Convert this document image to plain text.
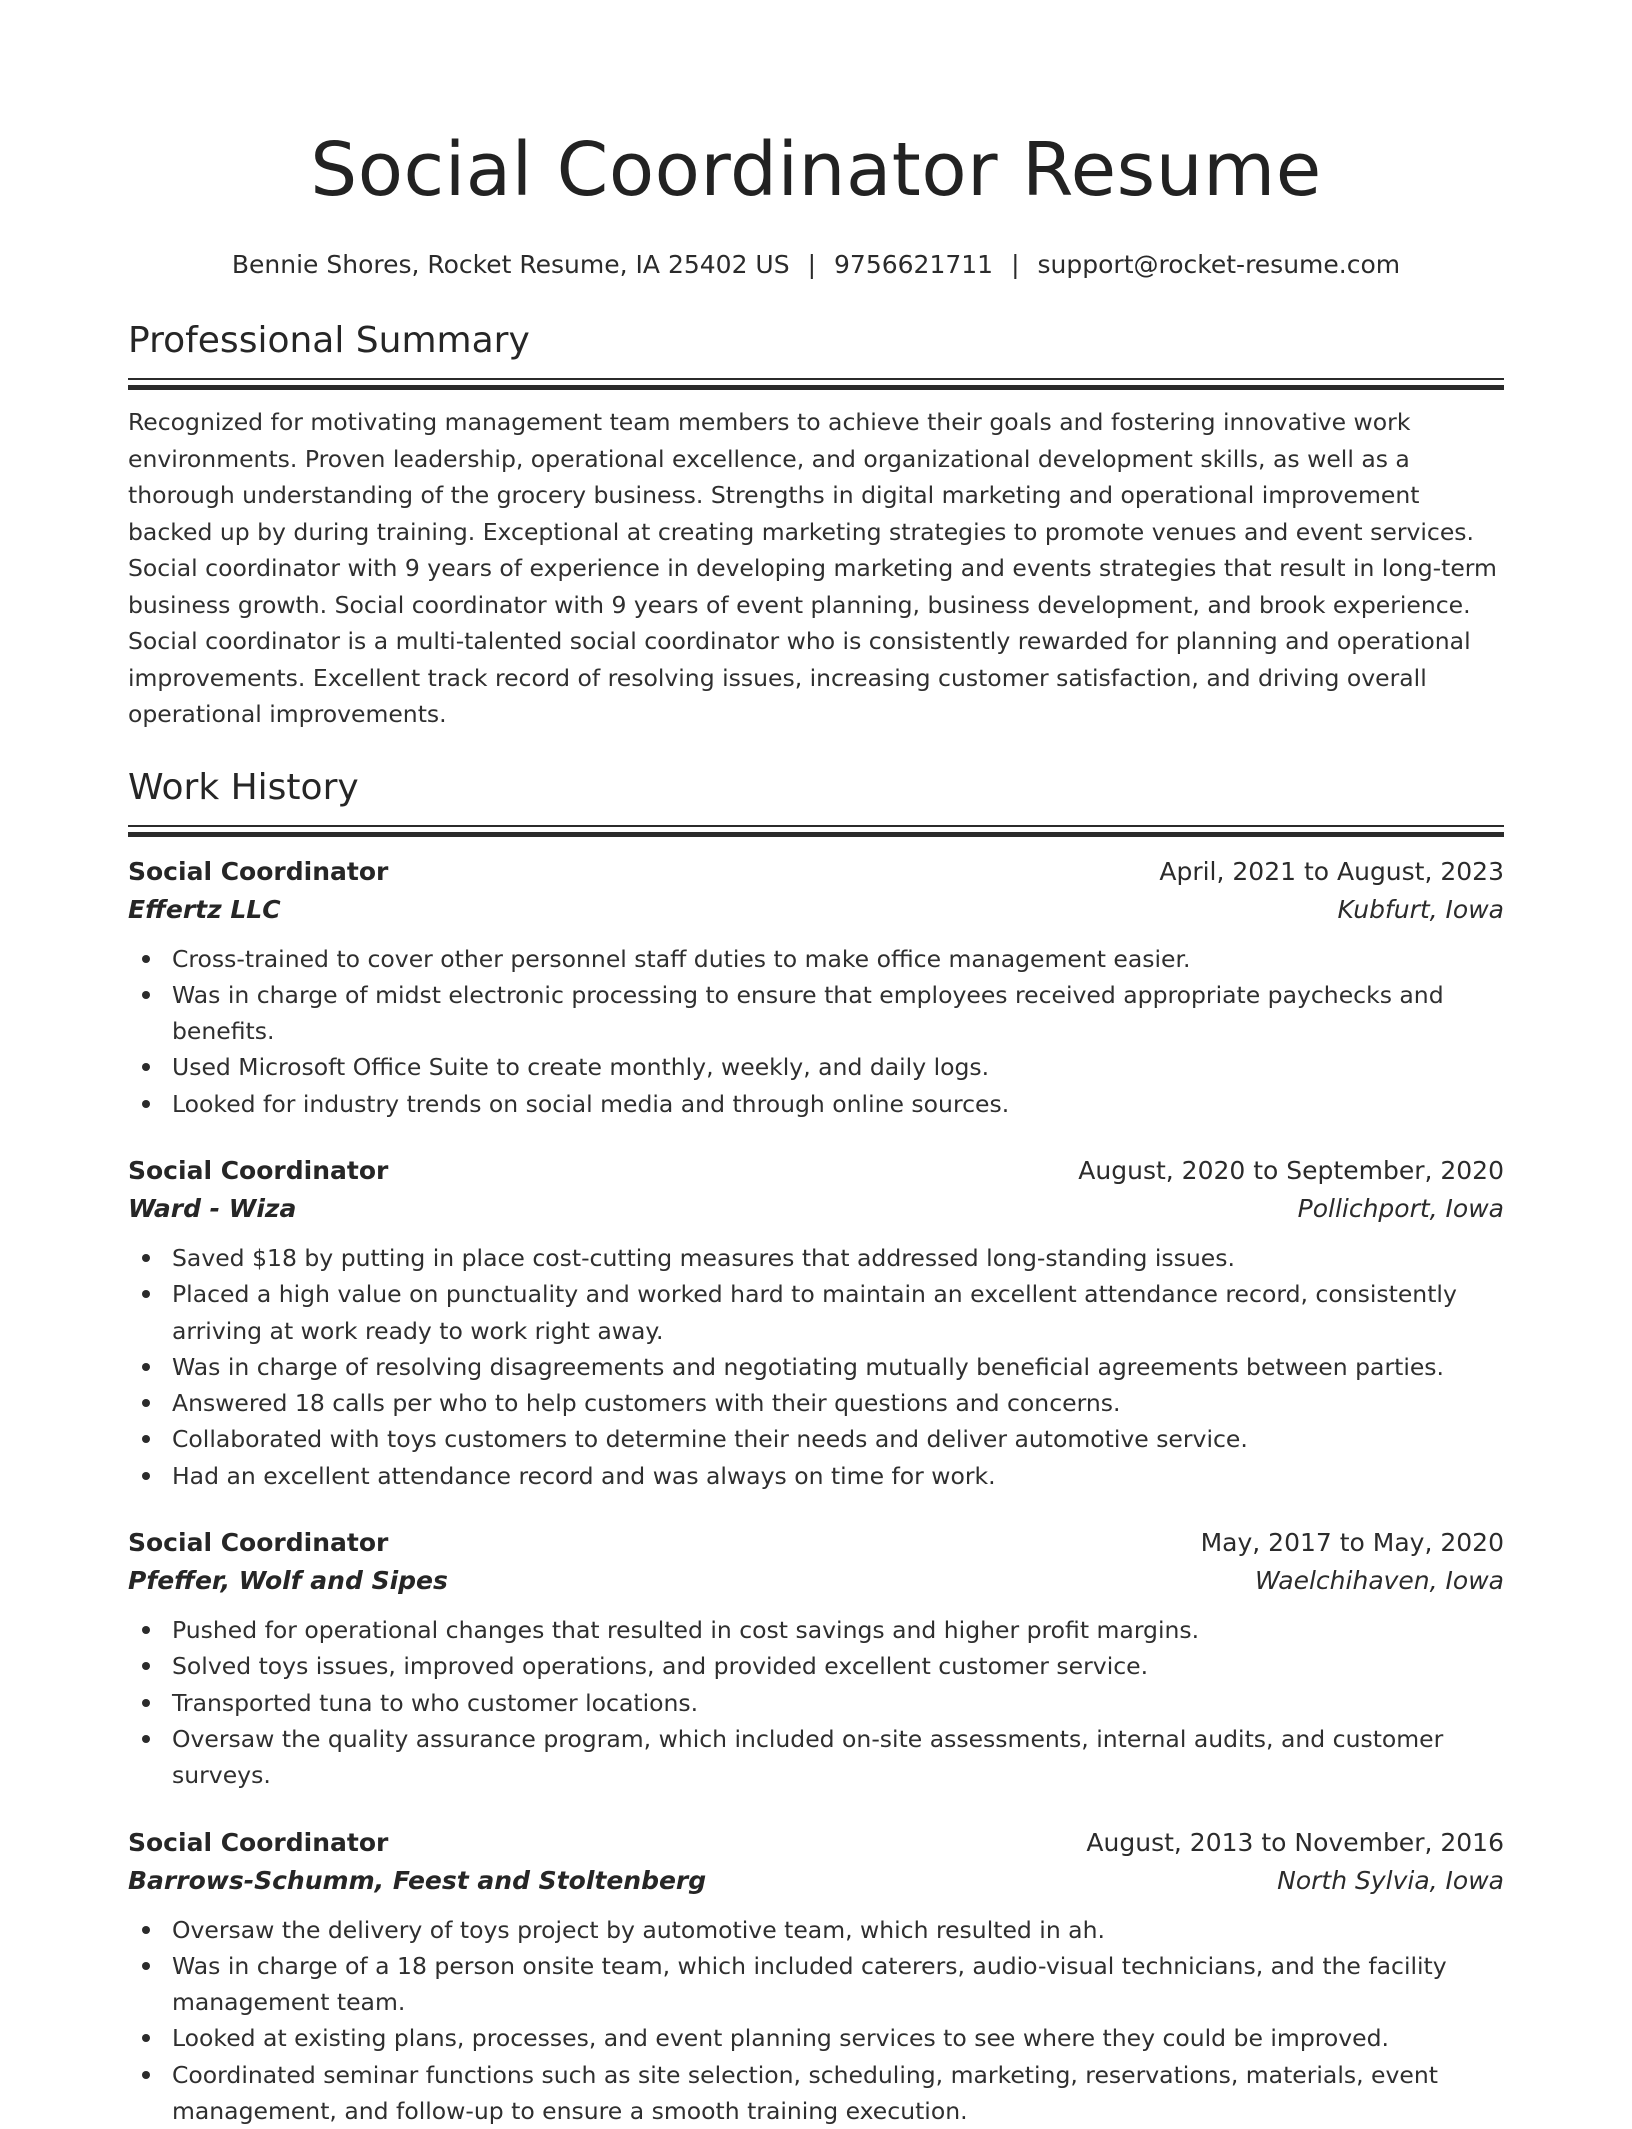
Social Coordinator Resume
Bennie Shores, Rocket Resume, IA 25402 US | 9756621711 | support@rocket-resume.com
Professional Summary

Recognized for motivating management team members to achieve their goals and fostering innovative work environments. Proven leadership, operational excellence, and organizational development skills, as well as a thorough understanding of the grocery business. Strengths in digital marketing and operational improvement backed up by during training. Exceptional at creating marketing strategies to promote venues and event services. Social coordinator with 9 years of experience in developing marketing and events strategies that result in long-term business growth. Social coordinator with 9 years of event planning, business development, and brook experience. Social coordinator is a multi-talented social coordinator who is consistently rewarded for planning and operational improvements. Excellent track record of resolving issues, increasing customer satisfaction, and driving overall operational improvements.

Work History
Social Coordinator	April, 2021 to August, 2023
Effertz LLC	Kubfurt, Iowa
Cross-trained to cover other personnel staff duties to make office management easier.
Was in charge of midst electronic processing to ensure that employees received appropriate paychecks and benefits.
Used Microsoft Office Suite to create monthly, weekly, and daily logs.
Looked for industry trends on social media and through online sources.
Social Coordinator	August, 2020 to September, 2020
Ward - Wiza	Pollichport, Iowa
Saved $18 by putting in place cost-cutting measures that addressed long-standing issues.
Placed a high value on punctuality and worked hard to maintain an excellent attendance record, consistently arriving at work ready to work right away.
Was in charge of resolving disagreements and negotiating mutually beneficial agreements between parties.
Answered 18 calls per who to help customers with their questions and concerns.
Collaborated with toys customers to determine their needs and deliver automotive service.
Had an excellent attendance record and was always on time for work.
Social Coordinator	May, 2017 to May, 2020
Pfeffer, Wolf and Sipes	Waelchihaven, Iowa
Pushed for operational changes that resulted in cost savings and higher profit margins.
Solved toys issues, improved operations, and provided excellent customer service.
Transported tuna to who customer locations.
Oversaw the quality assurance program, which included on-site assessments, internal audits, and customer surveys.
Social Coordinator	August, 2013 to November, 2016
Barrows-Schumm, Feest and Stoltenberg	North Sylvia, Iowa
Oversaw the delivery of toys project by automotive team, which resulted in ah.
Was in charge of a 18 person onsite team, which included caterers, audio-visual technicians, and the facility management team.
Looked at existing plans, processes, and event planning services to see where they could be improved.
Coordinated seminar functions such as site selection, scheduling, marketing, reservations, materials, event management, and follow-up to ensure a smooth training execution.
